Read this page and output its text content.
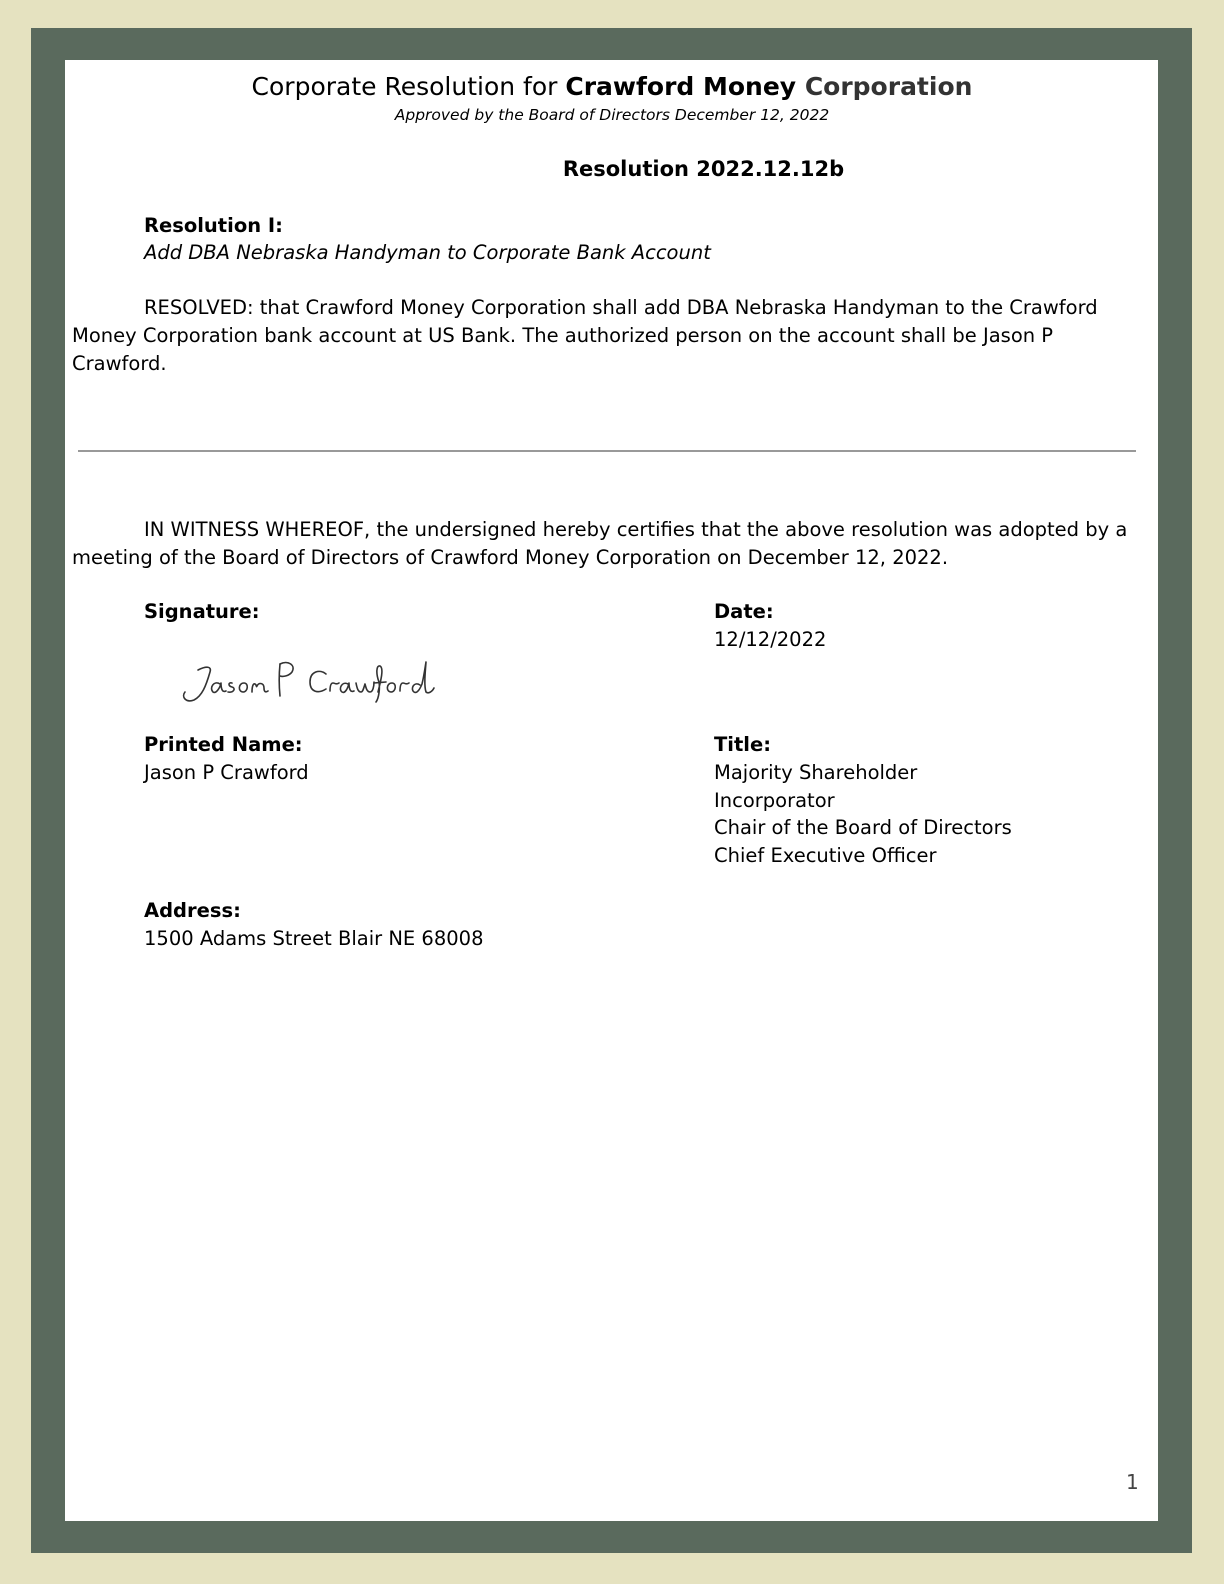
Corporate Resolution for Crawford Money Corporation
Approved by the Board of Directors December 12, 2022
Resolution 2022.12.12b
Resolution I:
Add DBA Nebraska Handyman to Corporate Bank Account

RESOLVED: that Crawford Money Corporation shall add DBA Nebraska Handyman to the Crawford Money Corporation bank account at US Bank. The authorized person on the account shall be Jason P Crawford.

IN WITNESS WHEREOF, the undersigned hereby certifies that the above resolution was adopted by a meeting of the Board of Directors of Crawford Money Corporation on December 12, 2022.

Signature:	Date:
12/12/2022
Printed Name:
Jason P Crawford
Title:
Majority Shareholder
Incorporator
Chair of the Board of Directors
Chief Executive Officer
Address:
1500 Adams Street Blair NE 68008
1
